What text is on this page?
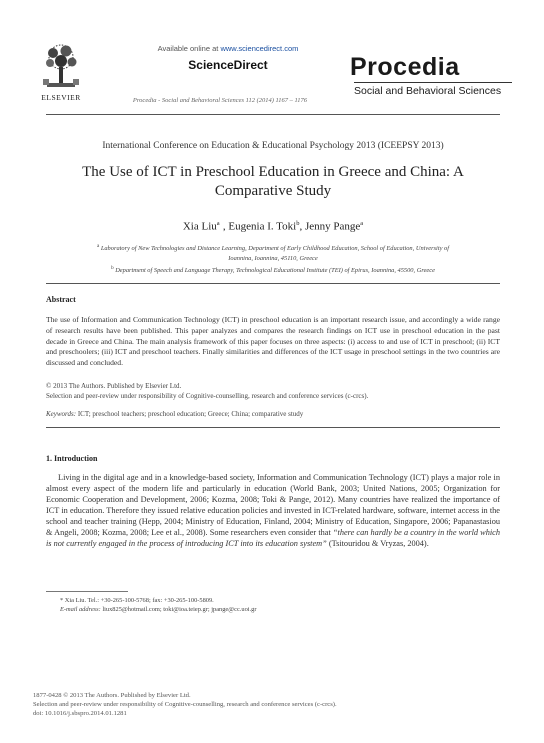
ELSEVIER
Available online at www.sciencedirect.com
ScienceDirect
Procedia - Social and Behavioral Sciences 112 (2014) 1167 – 1176
Procedia
Social and Behavioral Sciences
International Conference on Education & Educational Psychology 2013 (ICEEPSY 2013)
The Use of ICT in Preschool Education in Greece and China: A
Comparative Study
Xia Liu$^{a*}$, Eugenia I. Toki$^b$, Jenny Pange$^a$
$^a$ Laboratory of New Technologies and Distance Learning, Department of Early Childhood Education, School of Education, University of
Ioannina, Ioannina, 45110, Greece
$^b$ Department of Speech and Language Therapy, Technological Educational Institute (TEI) of Epirus, Ioannina, 45500, Greece
Abstract
The use of Information and Communication Technology (ICT) in preschool education is an important research issue, and accordingly a wide range of research results have been published. This paper analyzes and compares the research findings on ICT use in preschool education in the past decade in Greece and China. The main analysis framework of this paper focuses on three aspects: (i) access to and use of ICT in preschool; (ii) ICT and preschoolers; (iii) ICT and preschool teachers. Finally similarities and differences of the ICT usage in preschool settings in the two countries are discussed and concluded.
© 2013 The Authors. Published by Elsevier Ltd.
Selection and peer-review under responsibility of Cognitive-counselling, research and conference services (c-crcs).
Keywords: ICT; preschool teachers; preschool education; Greece; China; comparative study
1. Introduction
Living in the digital age and in a knowledge-based society, Information and Communication Technology (ICT) plays a major role in almost every aspect of the modern life and particularly in education (World Bank, 2003; United Nations, 2005; Organization for Economic Cooperation and Development, 2006; Kozma, 2008; Toki & Pange, 2012). Many countries have realized the importance of ICT in education. Therefore they issued relative education policies and invested in ICT-related hardware, software, internet access in the school and teacher training (Hepp, 2004; Ministry of Education, Finland, 2004; Ministry of Education, Singapore, 2006; Papanastasiou & Angeli, 2008; Kozma, 2008; Lee et al., 2008). Some researchers even consider that “there can hardly be a country in the world which is not currently engaged in the process of introducing ICT into its education system” (Tsitouridou & Vryzas, 2004).
* Xia Liu. Tel.: +30-265-100-5768; fax: +30-265-100-5809.
E-mail address: liux825@hotmail.com; toki@ioa.teiep.gr; jpange@cc.uoi.gr
1877-0428 © 2013 The Authors. Published by Elsevier Ltd.
Selection and peer-review under responsibility of Cognitive-counselling, research and conference services (c-crcs).
doi: 10.1016/j.sbspro.2014.01.1281
